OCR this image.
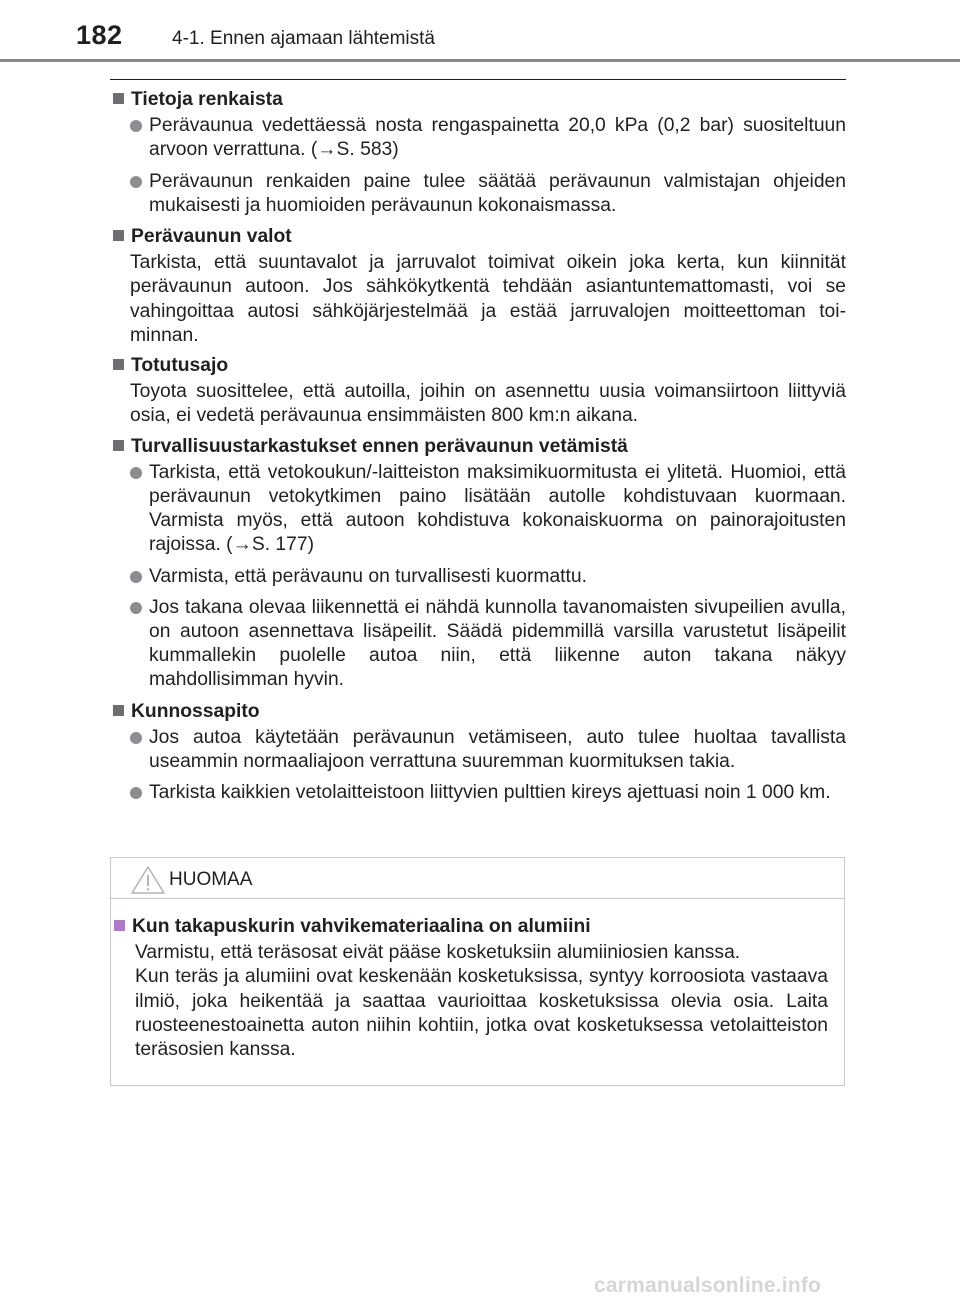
182	4-1. Ennen ajamaan lähtemistä
Tietoja renkaista
Perävaunua vedettäessä nosta rengaspainetta 20,0 kPa (0,2 bar) suositeltuun arvoon verrattuna. (→S. 583)
Perävaunun renkaiden paine tulee säätää perävaunun valmistajan ohjeiden mukaisesti ja huomioiden perävaunun kokonaismassa.
Perävaunun valot
Tarkista, että suuntavalot ja jarruvalot toimivat oikein joka kerta, kun kiinnität perävaunun autoon. Jos sähkökytkentä tehdään asiantuntemattomasti, voi se vahingoittaa autosi sähköjärjestelmää ja estää jarruvalojen moitteettoman toiminnan.
Totutusajo
Toyota suosittelee, että autoilla, joihin on asennettu uusia voimansiirtoon liittyviä osia, ei vedetä perävaunua ensimmäisten 800 km:n aikana.
Turvallisuustarkastukset ennen perävaunun vetämistä
Tarkista, että vetokoukun/-laitteiston maksimikuormitusta ei ylitetä. Huomioi, että perävaunun vetokytkimen paino lisätään autolle kohdistuvaan kuormaan. Varmista myös, että autoon kohdistuva kokonaiskuorma on painorajoitusten rajoissa. (→S. 177)
Varmista, että perävaunu on turvallisesti kuormattu.
Jos takana olevaa liikennettä ei nähdä kunnolla tavanomaisten sivupeilien avulla, on autoon asennettava lisäpeilit. Säädä pidemmillä varsilla varustetut lisäpeilit kummallekin puolelle autoa niin, että liikenne auton takana näkyy mahdollisimman hyvin.
Kunnossapito
Jos autoa käytetään perävaunun vetämiseen, auto tulee huoltaa tavallista useammin normaaliajoon verrattuna suuremman kuormituksen takia.
Tarkista kaikkien vetolaitteistoon liittyvien pulttien kireys ajettuasi noin 1 000 km.
HUOMAA
Kun takapuskurin vahvikemateriaalina on alumiini
Varmistu, että teräsosat eivät pääse kosketuksiin alumiiniosien kanssa.
Kun teräs ja alumiini ovat keskenään kosketuksissa, syntyy korroosiota vastaava ilmiö, joka heikentää ja saattaa vaurioittaa kosketuksissa olevia osia. Laita ruosteenestoainetta auton niihin kohtiin, jotka ovat kosketuksessa vetolaitteiston teräsosien kanssa.
carmanualsonline.info
